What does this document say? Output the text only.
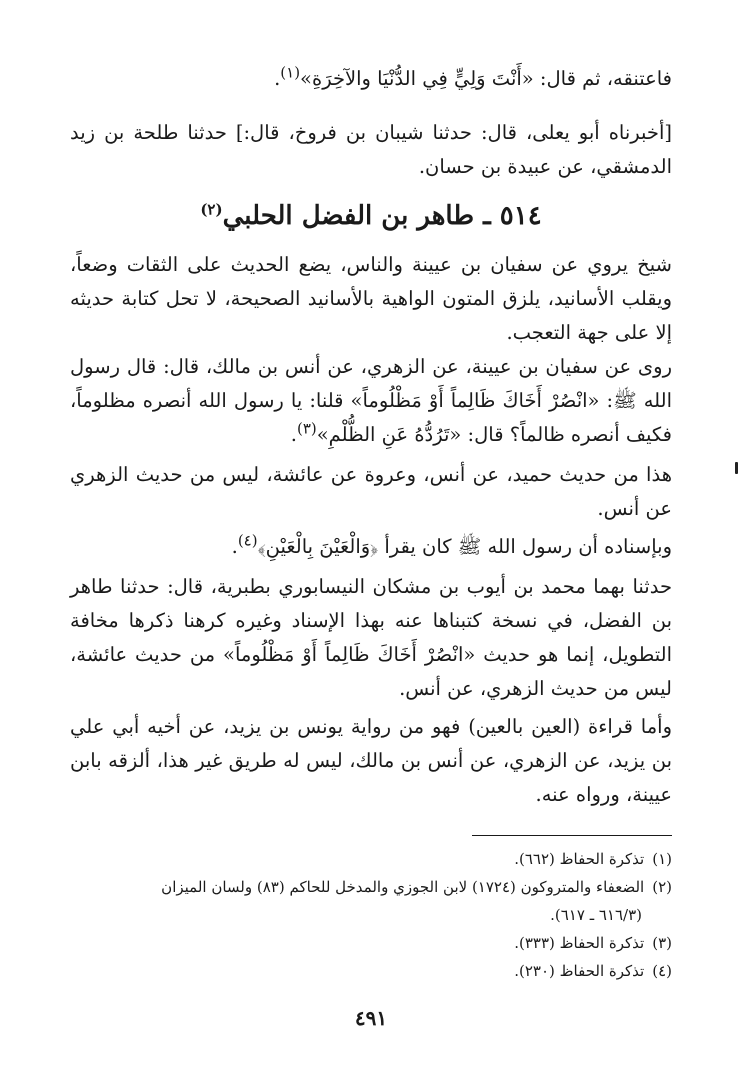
فاعتنقه، ثم قال: «أَنْتَ وَلِيٍّ فِي الدُّنْيَا والآخِرَةِ»$^{(١)}$.

[أخبرناه أبو يعلى، قال: حدثنا شيبان بن فروخ، قال:] حدثنا طلحة بن زيد الدمشقي، عن عبيدة بن حسان.

٥١٤ ـ طاهر بن الفضل الحلبي$^{(٢)}$

شيخ يروي عن سفيان بن عيينة والناس، يضع الحديث على الثقات وضعاً، ويقلب الأسانيد، يلزق المتون الواهية بالأسانيد الصحيحة، لا تحل كتابة حديثه إلا على جهة التعجب.

روى عن سفيان بن عيينة، عن الزهري، عن أنس بن مالك، قال: قال رسول الله ﷺ: «انْصُرْ أَخَاكَ ظَالِماً أَوْ مَظْلُوماً» قلنا: يا رسول الله أنصره مظلوماً، فكيف أنصره ظالماً؟ قال: «تَرُدُّهُ عَنِ الظُّلْمِ»$^{(٣)}$.

هذا من حديث حميد، عن أنس، وعروة عن عائشة، ليس من حديث الزهري عن أنس.

وبإسناده أن رسول الله ﷺ كان يقرأ ﴿وَالْعَيْنَ بِالْعَيْنِ﴾$^{(٤)}$.

حدثنا بهما محمد بن أيوب بن مشكان النيسابوري بطبرية، قال: حدثنا طاهر بن الفضل، في نسخة كتبناها عنه بهذا الإسناد وغيره كرهنا ذكرها مخافة التطويل، إنما هو حديث «انْصُرْ أَخَاكَ ظَالِماً أَوْ مَظْلُوماً» من حديث عائشة، ليس من حديث الزهري، عن أنس.

وأما قراءة (العين بالعين) فهو من رواية يونس بن يزيد، عن أخيه أبي علي بن يزيد، عن الزهري، عن أنس بن مالك، ليس له طريق غير هذا، ألزقه بابن عيينة، ورواه عنه.

(١)تذكرة الحفاظ (٦٦٢).
(٢)الضعفاء والمتروكون (١٧٢٤) لابن الجوزي والمدخل للحاكم (٨٣) ولسان الميزان
(٦١٦/٣ ـ ٦١٧).
(٣)تذكرة الحفاظ (٣٣٣).
(٤)تذكرة الحفاظ (٢٣٠).
٤٩١
